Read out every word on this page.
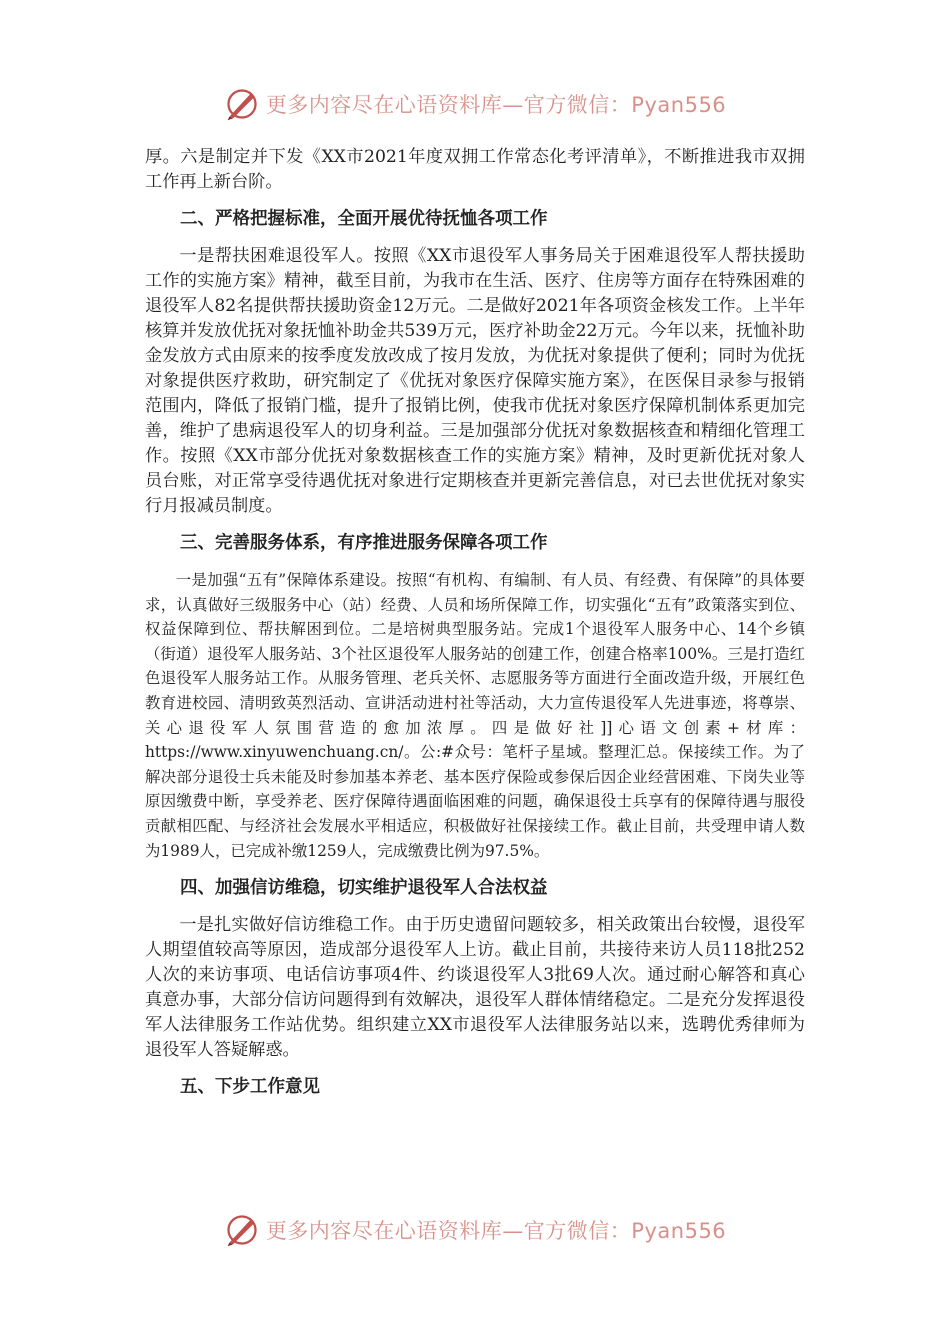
更多内容尽在心语资料库—官方微信：Pyan556

厚。六是制定并下发《XX市2021年度双拥工作常态化考评清单》，不断推进我市双拥工作再上新台阶。

二、严格把握标准，全面开展优待抚恤各项工作

一是帮扶困难退役军人。按照《XX市退役军人事务局关于困难退役军人帮扶援助工作的实施方案》精神，截至目前，为我市在生活、医疗、住房等方面存在特殊困难的退役军人82名提供帮扶援助资金12万元。二是做好2021年各项资金核发工作。上半年核算并发放优抚对象抚恤补助金共539万元，医疗补助金22万元。今年以来，抚恤补助金发放方式由原来的按季度发放改成了按月发放，为优抚对象提供了便利；同时为优抚对象提供医疗救助，研究制定了《优抚对象医疗保障实施方案》，在医保目录参与报销范围内，降低了报销门槛，提升了报销比例，使我市优抚对象医疗保障机制体系更加完善，维护了患病退役军人的切身利益。三是加强部分优抚对象数据核查和精细化管理工作。按照《XX市部分优抚对象数据核查工作的实施方案》精神，及时更新优抚对象人员台账，对正常享受待遇优抚对象进行定期核查并更新完善信息，对已去世优抚对象实行月报减员制度。

三、完善服务体系，有序推进服务保障各项工作

一是加强“五有”保障体系建设。按照“有机构、有编制、有人员、有经费、有保障”的具体要求，认真做好三级服务中心（站）经费、人员和场所保障工作，切实强化“五有”政策落实到位、权益保障到位、帮扶解困到位。二是培树典型服务站。完成1个退役军人服务中心、14个乡镇（街道）退役军人服务站、3个社区退役军人服务站的创建工作，创建合格率100%。三是打造红色退役军人服务站工作。从服务管理、老兵关怀、志愿服务等方面进行全面改造升级，开展红色教育进校园、清明致英烈活动、宣讲活动进村社等活动，大力宣传退役军人先进事迹，将尊崇、关心退役军人氛围营造的愈加浓厚。四是做好社]]心语文创素+材库：https://www.xinyuwenchuang.cn/。公:#众号：笔杆子星域。整理汇总。保接续工作。为了解决部分退役士兵未能及时参加基本养老、基本医疗保险或参保后因企业经营困难、下岗失业等原因缴费中断，享受养老、医疗保障待遇面临困难的问题，确保退役士兵享有的保障待遇与服役贡献相匹配、与经济社会发展水平相适应，积极做好社保接续工作。截止目前，共受理申请人数为1989人，已完成补缴1259人，完成缴费比例为97.5%。

四、加强信访维稳，切实维护退役军人合法权益

一是扎实做好信访维稳工作。由于历史遗留问题较多，相关政策出台较慢，退役军人期望值较高等原因，造成部分退役军人上访。截止目前，共接待来访人员118批252人次的来访事项、电话信访事项4件、约谈退役军人3批69人次。通过耐心解答和真心真意办事，大部分信访问题得到有效解决，退役军人群体情绪稳定。二是充分发挥退役军人法律服务工作站优势。组织建立XX市退役军人法律服务站以来，选聘优秀律师为退役军人答疑解惑。

五、下步工作意见
更多内容尽在心语资料库—官方微信：Pyan556
